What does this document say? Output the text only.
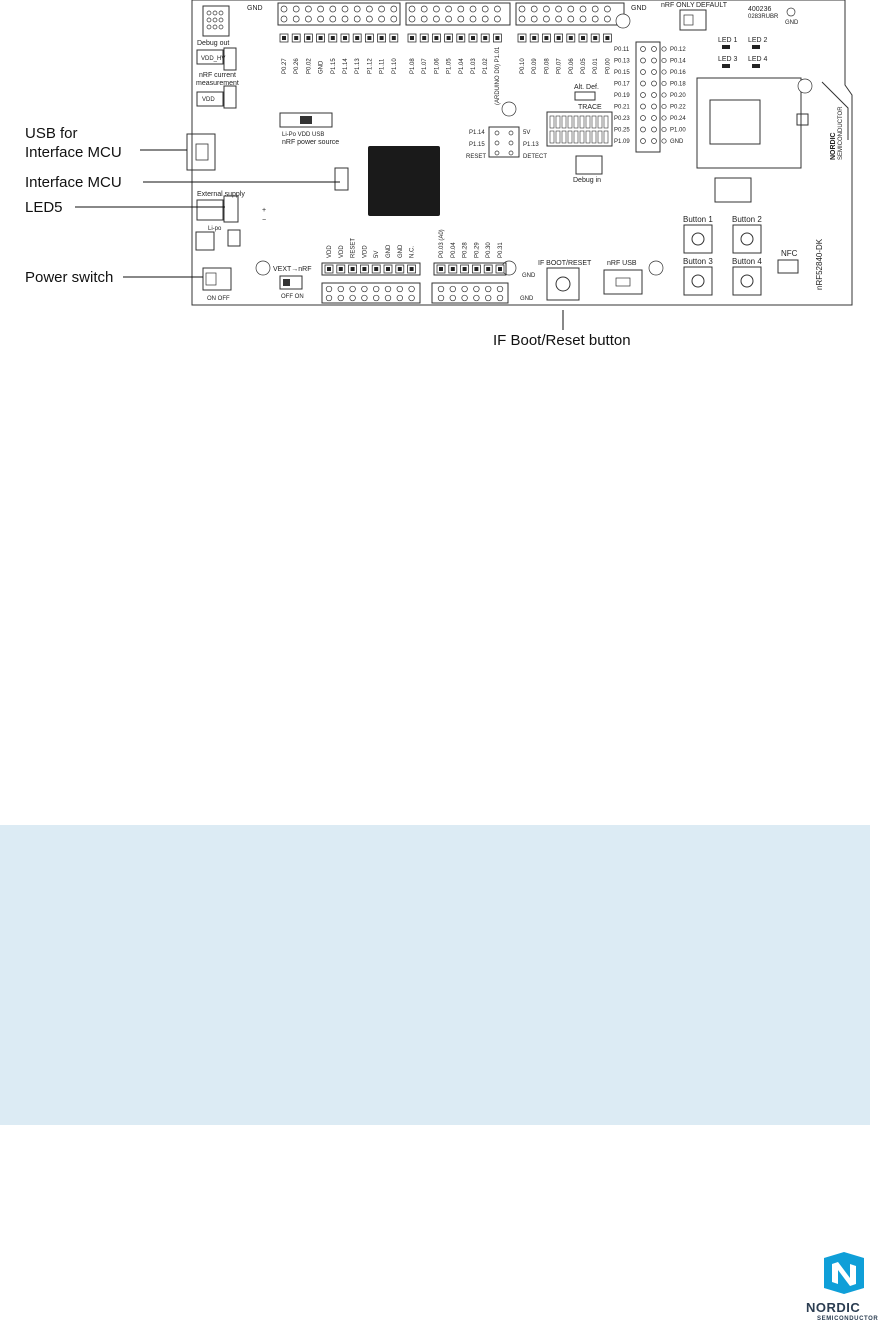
Debug out
GND	GND
P0.27 P0.26 P0.02 GND P1.15 P1.14 P1.13 P1.12 P1.11 P1.10 P1.08 P1.07 P1.06 P1.05 P1.04 P1.03 P1.02	P0.10 P0.09 P0.08 P0.07 P0.06 P0.05 P0.01 P0.00
(ARDUINO D0) P1.01
nRF ONLY DEFAULT
400236
0283RUBR
GND
LED 1 LED 2
LED 3 LED 4
P0.11	P0.12
P0.13	P0.14
P0.15	P0.16
P0.17	P0.18
P0.19	P0.20
P0.21	P0.22
P0.23	P0.24
P0.25	P1.00
P1.09	GND	NORDIC SEMICONDUCTOR
nRF52840-DK
Button 1 Button 2
Button 3 Button 4
NFC
Alt. Def.
TRACE
Debug in
P1.14
P1.15
RESET
5V
P1.13
DETECT
VDD_HV
nRF current
measurement
VDD
Li-Po VDD USB
nRF power source
External supply
+
−
Li-po
VEXT→nRF
OFF ON
ON OFF
VDD VDD RESET VDD 5V GND GND N.C.	P0.03 (A0) P0.04 P0.28 P0.29 P0.30 P0.31
GND
GND
IF BOOT/RESET nRF USB
USB for
Interface MCU
Interface MCU
LED5
Power switch
IF Boot/Reset button
NORDIC
SEMICONDUCTOR
